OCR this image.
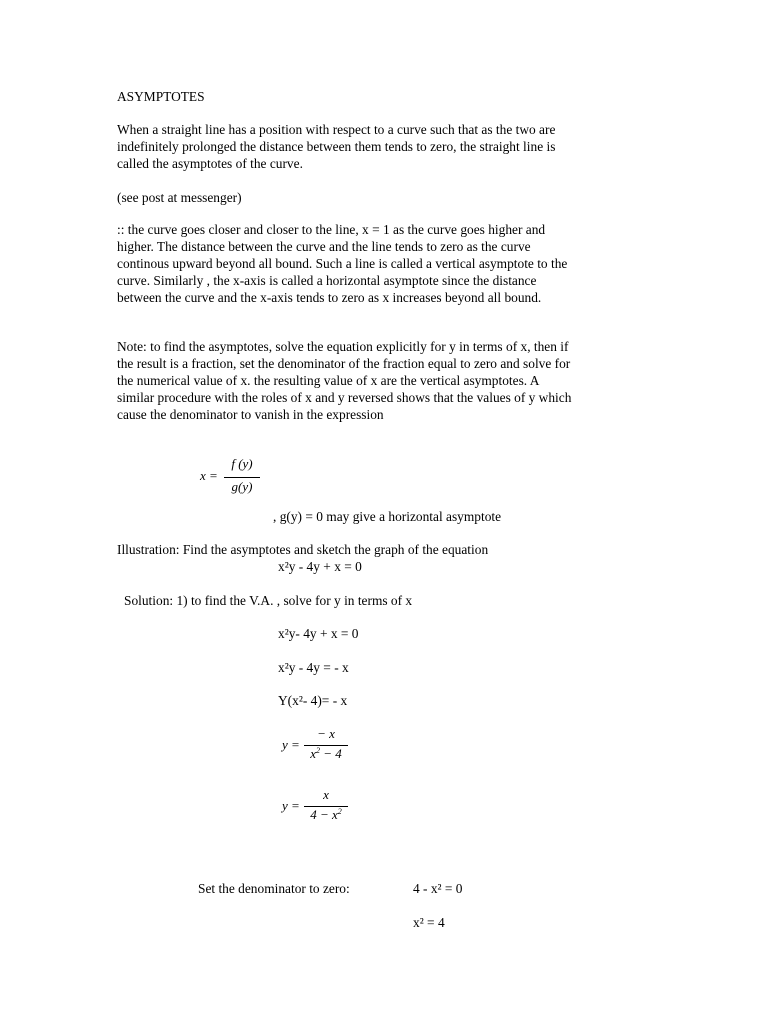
ASYMPTOTES
When a straight line has a position with respect to a curve such that as the two are
indefinitely prolonged the distance between them tends to zero, the straight line is
called the asymptotes of the curve.
(see post at messenger)
:: the curve goes closer and closer to the line, x = 1 as the curve goes higher and
higher. The distance between the curve and the line tends to zero as the curve
continous upward beyond all bound. Such a line is called a vertical asymptote to the
curve. Similarly , the x-axis is called a horizontal asymptote since the distance
between the curve and the x-axis tends to zero as x increases beyond all bound.
Note: to find the asymptotes, solve the equation explicitly for y in terms of x, then if
the result is a fraction, set the denominator of the fraction equal to zero and solve for
the numerical value of x. the resulting value of x are the vertical asymptotes. A
similar procedure with the roles of x and y reversed shows that the values of y which
cause the denominator to vanish in the expression
x =
f (y)
g(y)
, g(y) = 0 may give a horizontal asymptote
Illustration: Find the asymptotes and sketch the graph of the equation
x²y - 4y + x = 0
Solution: 1) to find the V.A. , solve for y in terms of x
x²y- 4y + x = 0
x²y - 4y = - x
Y(x²- 4)= - x
y =
− x
$x^2 - 4$
y =
x
$4 - x^2$
Set the denominator to zero:	4 - x² = 0
x² = 4
